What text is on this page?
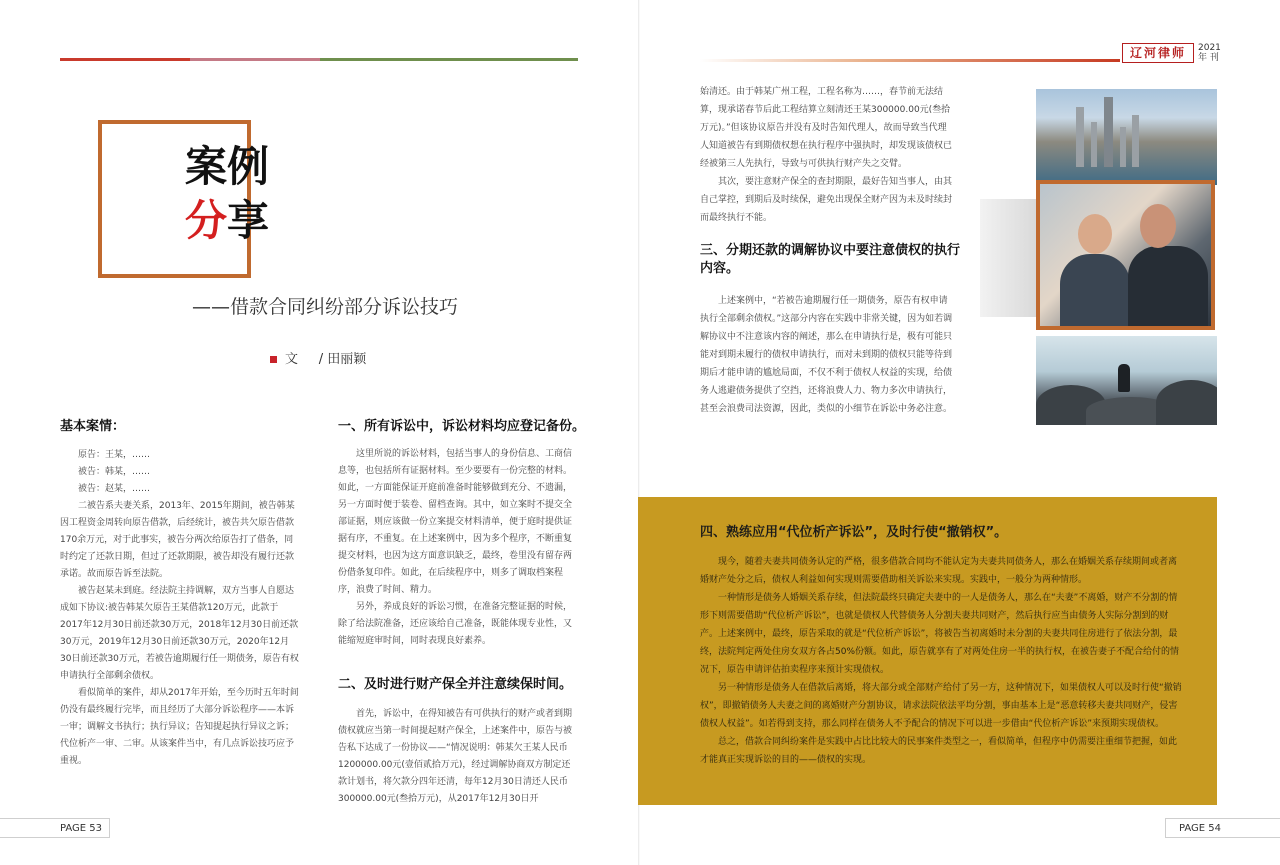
案例
分享
——借款合同纠纷部分诉讼技巧
文 / 田丽颖
基本案情：

原告：王某，……

被告：韩某，……

被告：赵某，……

二被告系夫妻关系，2013年、2015年期间，被告韩某因工程资金周转向原告借款，后经统计，被告共欠原告借款170余万元，对于此事实，被告分两次给原告打了借条，同时约定了还款日期，但过了还款期限，被告却没有履行还款承诺。故而原告诉至法院。

被告赵某未到庭。经法院主持调解，双方当事人自愿达成如下协议:被告韩某欠原告王某借款120万元，此款于2017年12月30日前还款30万元，2018年12月30日前还款30万元，2019年12月30日前还款30万元，2020年12月30日前还款30万元，若被告逾期履行任一期债务，原告有权申请执行全部剩余债权。

看似简单的案件，却从2017年开始，至今历时五年时间仍没有最终履行完毕，而且经历了大部分诉讼程序——本诉一审；调解文书执行；执行异议；告知提起执行异议之诉；代位析产一审、二审。从该案件当中，有几点诉讼技巧应予重视。

一、所有诉讼中，诉讼材料均应登记备份。

这里所说的诉讼材料，包括当事人的身份信息、工商信息等，也包括所有证据材料。至少要要有一份完整的材料。如此，一方面能保证开庭前准备时能够做到充分、不遗漏，另一方面时便于装卷、留档查询。其中，如立案时不提交全部证据，则应该做一份立案提交材料清单，便于庭时提供证据有序，不重复。在上述案例中，因为多个程序，不断重复提交材料，也因为这方面意识缺乏，最终，卷里没有留存两份借条复印件。如此，在后续程序中，则多了调取档案程序，浪费了时间、精力。

另外，养成良好的诉讼习惯，在准备完整证据的时候，除了给法院准备，还应该给自己准备，既能体现专业性，又能缩短庭审时间，同时表现良好素养。

二、及时进行财产保全并注意续保时间。

首先，诉讼中，在得知被告有可供执行的财产或者到期债权就应当第一时间提起财产保全，上述案件中，原告与被告私下达成了一份协议——“情况说明：韩某欠王某人民币1200000.00元(壹佰贰拾万元)，经过调解协商双方制定还款计划书，将欠款分四年还清，每年12月30日清还人民币300000.00元(叁拾万元)，从2017年12月30日开

PAGE 53
辽河律师	2021
年 刊

始清还。由于韩某广州工程，工程名称为……，春节前无法结算，现承诺春节后此工程结算立刻清还王某300000.00元(叁拾万元)。”但该协议原告并没有及时告知代理人，故而导致当代理人知道被告有到期债权想在执行程序中强执时，却发现该债权已经被第三人先执行，导致与可供执行财产失之交臂。

其次，要注意财产保全的查封期限，最好告知当事人，由其自己掌控，到期后及时续保，避免出现保全财产因为未及时续封而最终执行不能。

三、分期还款的调解协议中要注意债权的执行内容。

上述案例中，“若被告逾期履行任一期债务，原告有权申请执行全部剩余债权。”这部分内容在实践中非常关键，因为如若调解协议中不注意该内容的阐述，那么在申请执行是，极有可能只能对到期未履行的债权申请执行，而对未到期的债权只能等待到期后才能申请的尴尬局面，不仅不利于债权人权益的实现，给债务人逃避债务提供了空挡，还将浪费人力、物力多次申请执行，甚至会浪费司法资源，因此，类似的小细节在诉讼中务必注意。

四、熟练应用“代位析产诉讼”，及时行使“撤销权”。

现今，随着夫妻共同债务认定的严格，很多借款合同均不能认定为夫妻共同债务人，那么在婚姻关系存续期间或者离婚财产处分之后，债权人利益如何实现则需要借助相关诉讼来实现。实践中，一般分为两种情形。

一种情形是债务人婚姻关系存续，但法院最终只确定夫妻中的一人是债务人，那么在“夫妻”不离婚，财产不分割的情形下则需要借助“代位析产诉讼”，也就是债权人代替债务人分割夫妻共同财产，然后执行应当由债务人实际分割到的财产。上述案例中，最终，原告采取的就是“代位析产诉讼”，将被告当初离婚时未分割的夫妻共同住房进行了依法分割，最终，法院判定两处住房女双方各占50%份额。如此，原告就享有了对两处住房一半的执行权，在被告妻子不配合给付的情况下，原告申请评估拍卖程序来预计实现债权。

另一种情形是债务人在借款后离婚，将大部分或全部财产给付了另一方，这种情况下，如果债权人可以及时行使“撤销权”，即撤销债务人夫妻之间的离婚财产分割协议，请求法院依法平均分割，事由基本上是“恶意转移夫妻共同财产，侵害债权人权益”。如若得到支持，那么同样在债务人不予配合的情况下可以进一步借由“代位析产诉讼”来预期实现债权。

总之，借款合同纠纷案件是实践中占比比较大的民事案件类型之一，看似简单，但程序中仍需要注重细节把握，如此才能真正实现诉讼的目的——债权的实现。

PAGE 54
